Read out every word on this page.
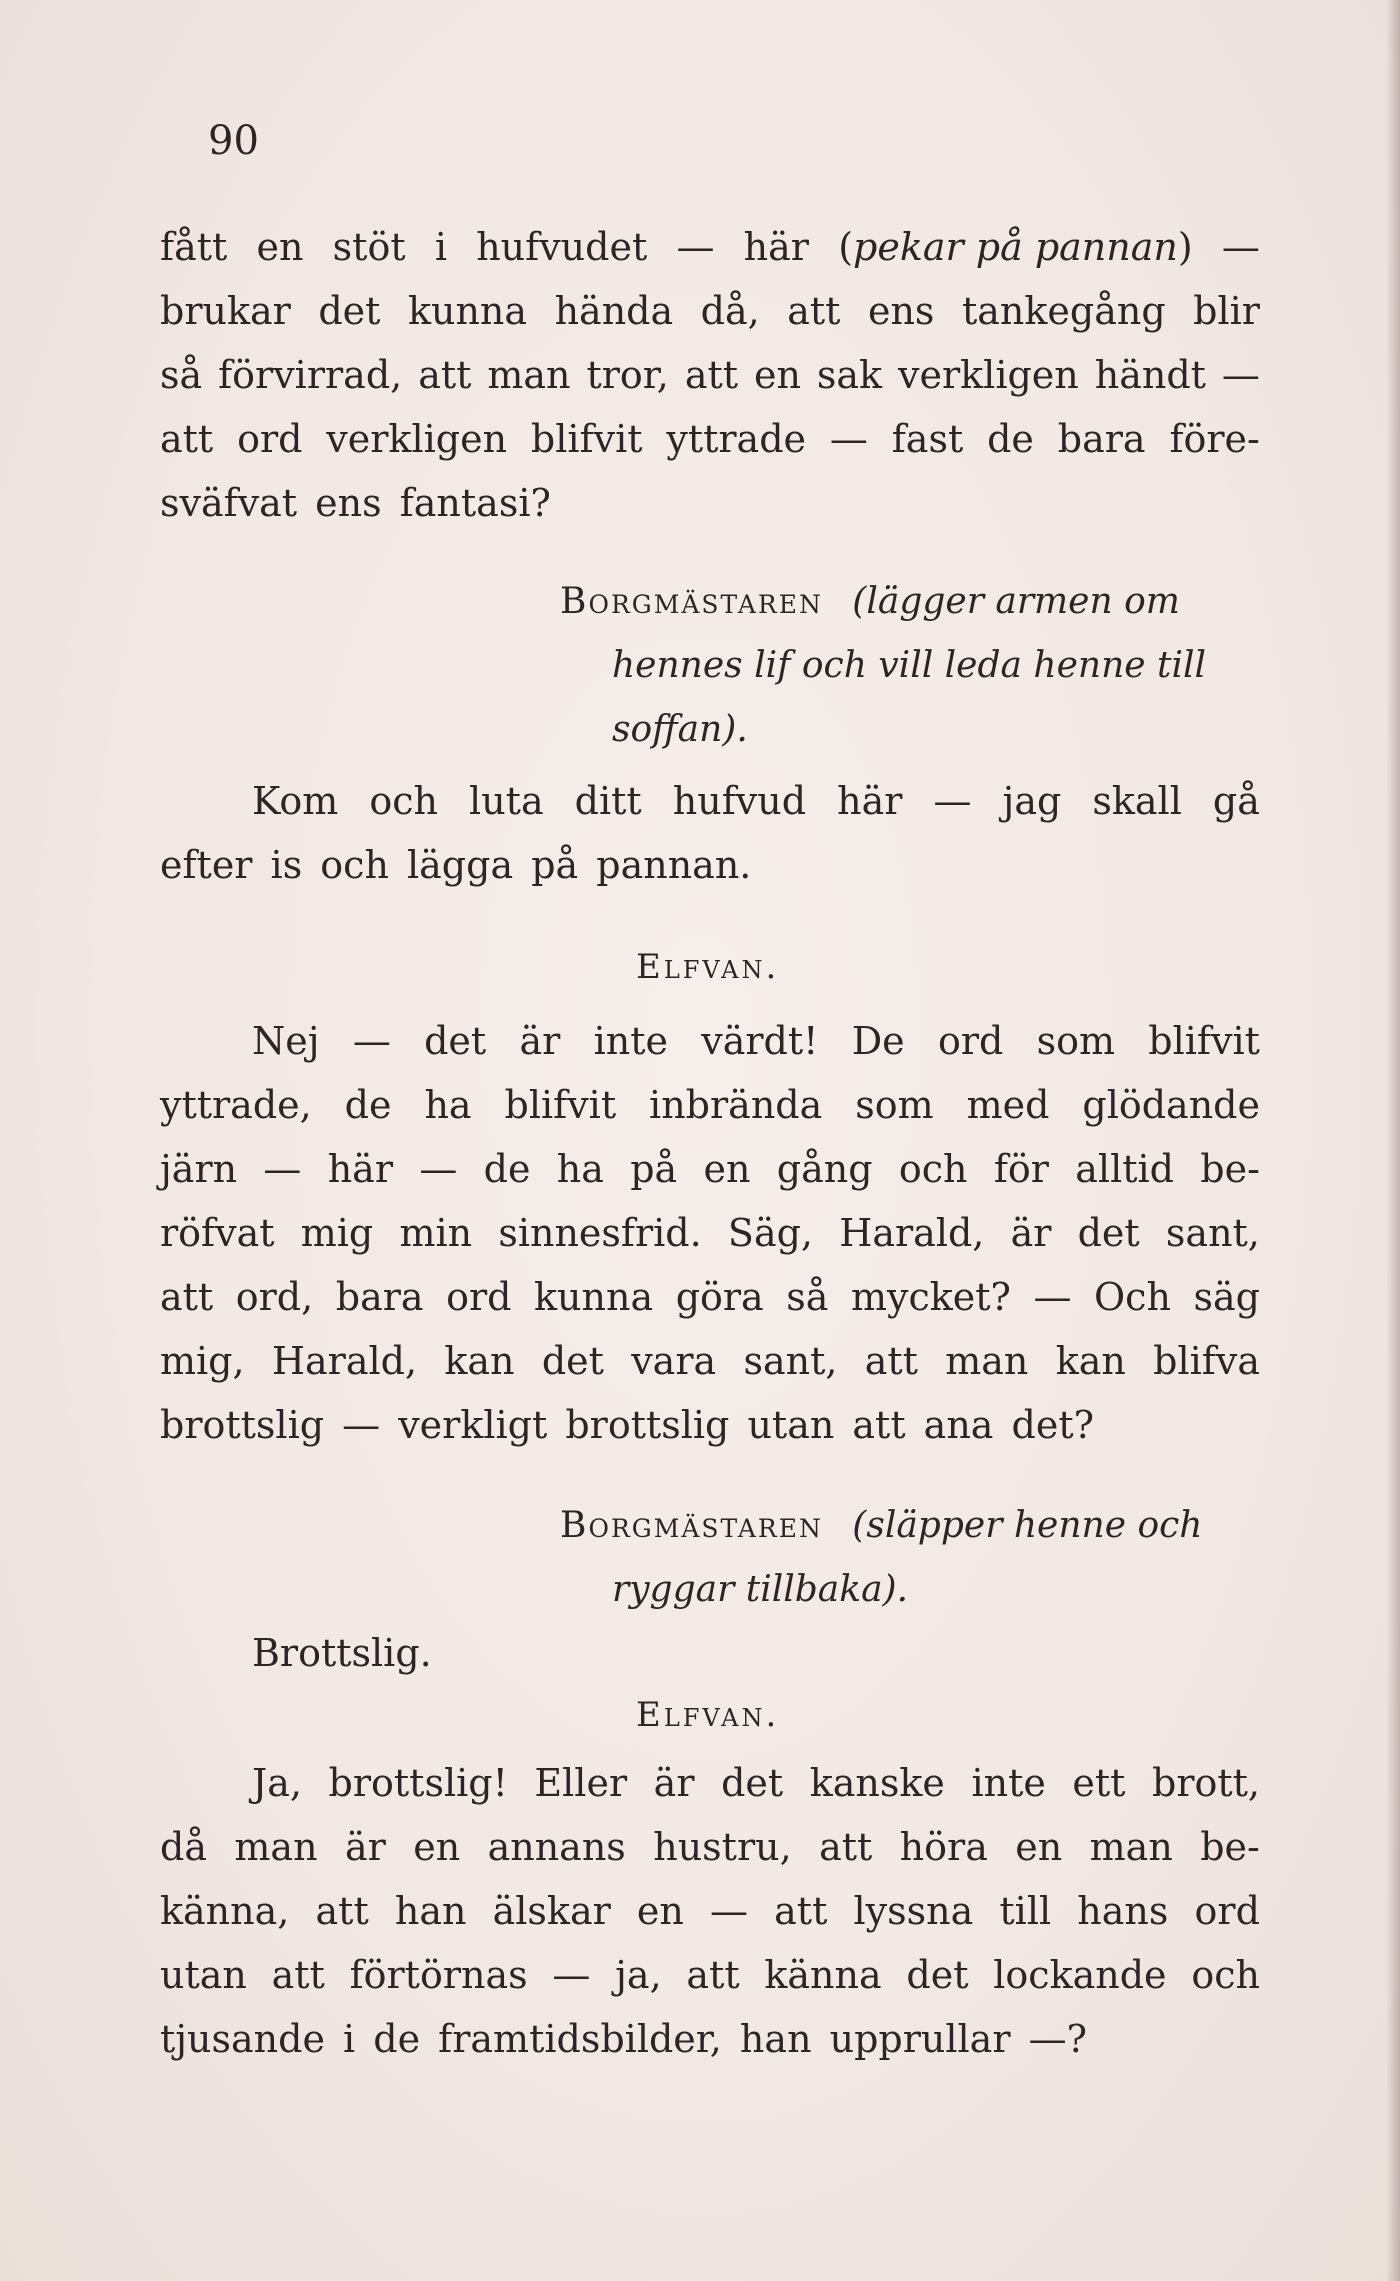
90
fått en stöt i hufvudet — här (pekar på pannan) —
brukar det kunna hända då, att ens tankegång blir
så förvirrad, att man tror, att en sak verkligen händt —
att ord verkligen blifvit yttrade — fast de bara före-
sväfvat ens fantasi?
Borgmästaren (lägger armen om
hennes lif och vill leda henne till
soffan).
Kom och luta ditt hufvud här — jag skall gå
efter is och lägga på pannan.
Elfvan.
Nej — det är inte värdt! De ord som blifvit
yttrade, de ha blifvit inbrända som med glödande
järn — här — de ha på en gång och för alltid be-
röfvat mig min sinnesfrid. Säg, Harald, är det sant,
att ord, bara ord kunna göra så mycket? — Och säg
mig, Harald, kan det vara sant, att man kan blifva
brottslig — verkligt brottslig utan att ana det?
Borgmästaren (släpper henne och
ryggar tillbaka).
Brottslig.
Elfvan.
Ja, brottslig! Eller är det kanske inte ett brott,
då man är en annans hustru, att höra en man be-
känna, att han älskar en — att lyssna till hans ord
utan att förtörnas — ja, att känna det lockande och
tjusande i de framtidsbilder, han upprullar —?
